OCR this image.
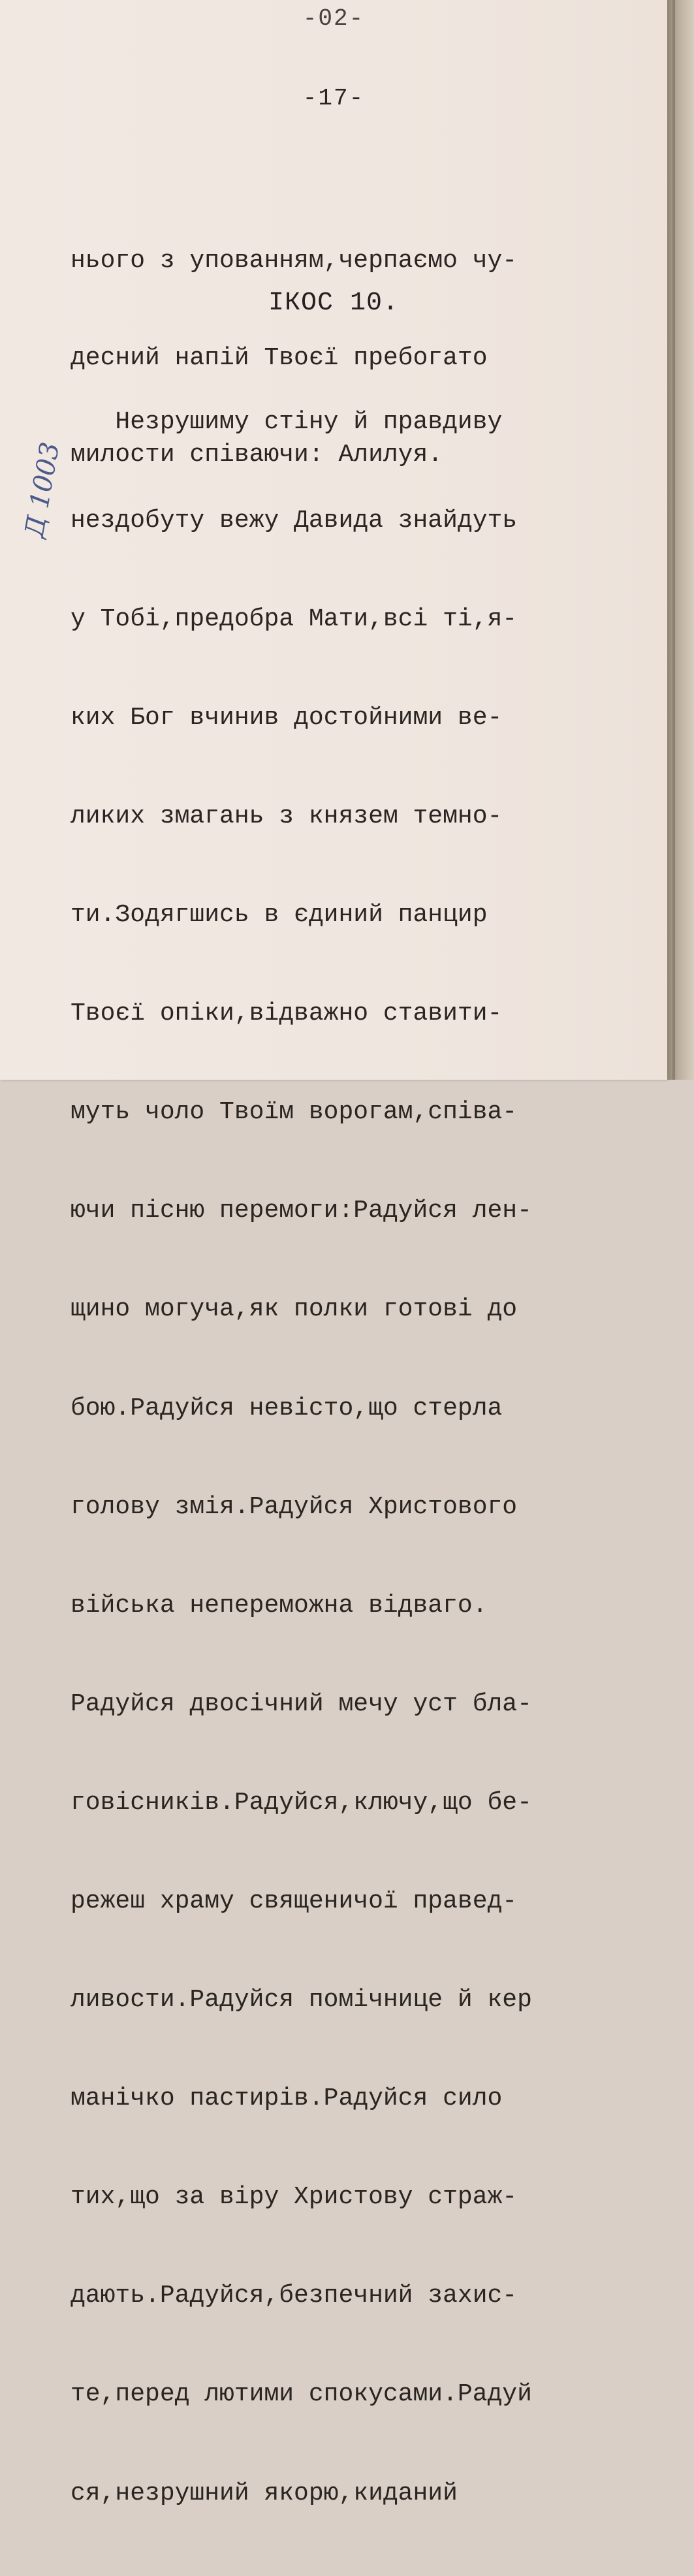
-02-
-17-

нього з упованням,черпаємо чу-

десний напій Твоєї пребогато

милости співаючи: Алилуя.

ІКОС 10.

Незрушиму стіну й правдиву

нездобуту вежу Давида знайдуть

у Тобі,предобра Мати,всі ті,я-

ких Бог вчинив достойними ве-

ликих змагань з князем темно-

ти.Зодягшись в єдиний панцир

Твоєї опіки,відважно ставити-

муть чоло Твоїм ворогам,співа-

ючи пісню перемоги:Радуйся лен-

щино могуча,як полки готові до

бою.Радуйся невісто,що стерла

голову змія.Радуйся Христового

війська непереможна відваго.

Радуйся двосічний мечу уст бла-

говісників.Радуйся,ключу,що бе-

режеш храму священичої правед-

ливости.Радуйся помічнице й кер

манічко пастирів.Радуйся сило

тих,що за віру Христову страж-

дають.Радуйся,безпечний захис-

те,перед лютими спокусами.Радуй

ся,незрушний якорю,киданий

Д 1003
